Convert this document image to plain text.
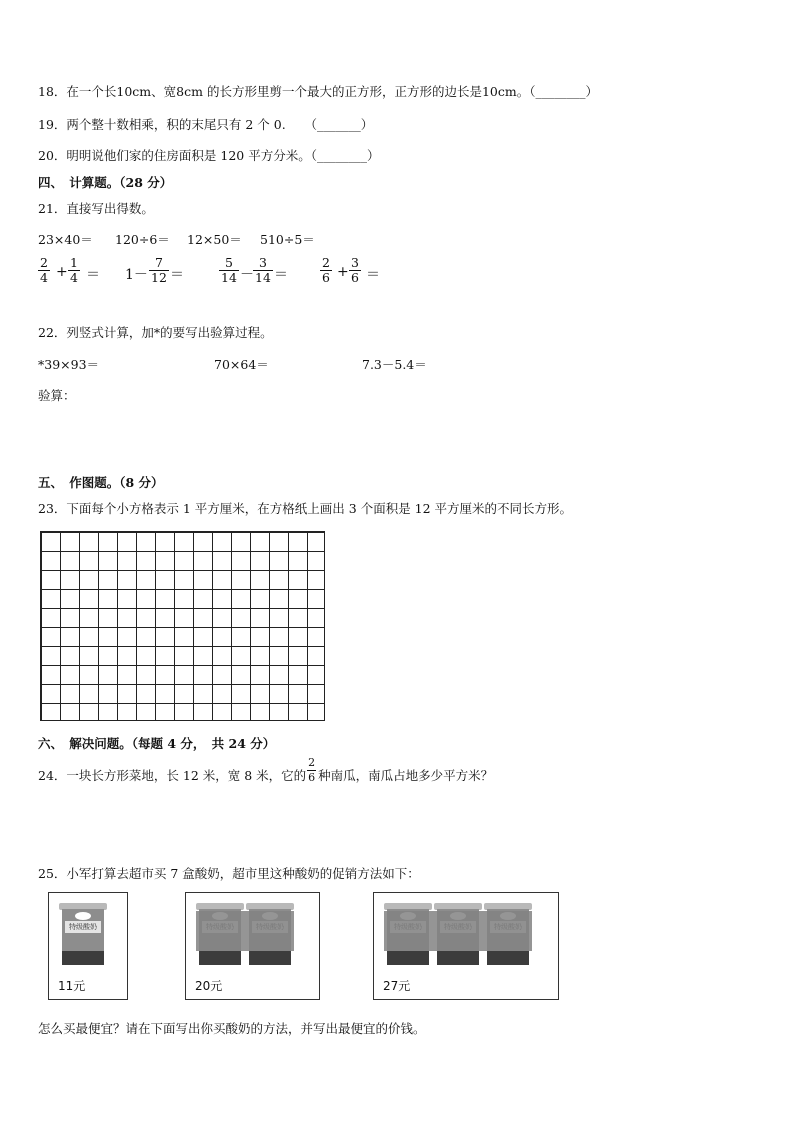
18．在一个长10cm、宽8cm 的长方形里剪一个最大的正方形，正方形的边长是10cm。（________）
19．两个整十数相乘，积的末尾只有 2 个 0.　　（_______）
20．明明说他们家的住房面积是 120 平方分米。（________）
四、　计算题。（28 分）
21．直接写出得数。
23×40＝ 120÷6＝ 12×50＝ 510÷5＝
2
4 +
1
4 ＝ 1－
7
12 ＝
5
14 －
3
14 ＝
2
6 +
3
6 ＝
22．列竖式计算，加*的要写出验算过程。
*39×93＝	70×64＝	7.3－5.4＝
验算：
五、　作图题。（8 分）
23．下面每个小方格表示 1 平方厘米，在方格纸上画出 3 个面积是 12 平方厘米的不同长方形。
六、　解决问题。（每题 4 分，　共 24 分）
24．一块长方形菜地，长 12 米，宽 8 米，它的 $\frac{2}{6}$ 种南瓜，南瓜占地多少平方米？
25．小军打算去超市买 7 盒酸奶，超市里这种酸奶的促销方法如下：
特级酸奶
11元	20元	27元
怎么买最便宜？请在下面写出你买酸奶的方法，并写出最便宜的价钱。
